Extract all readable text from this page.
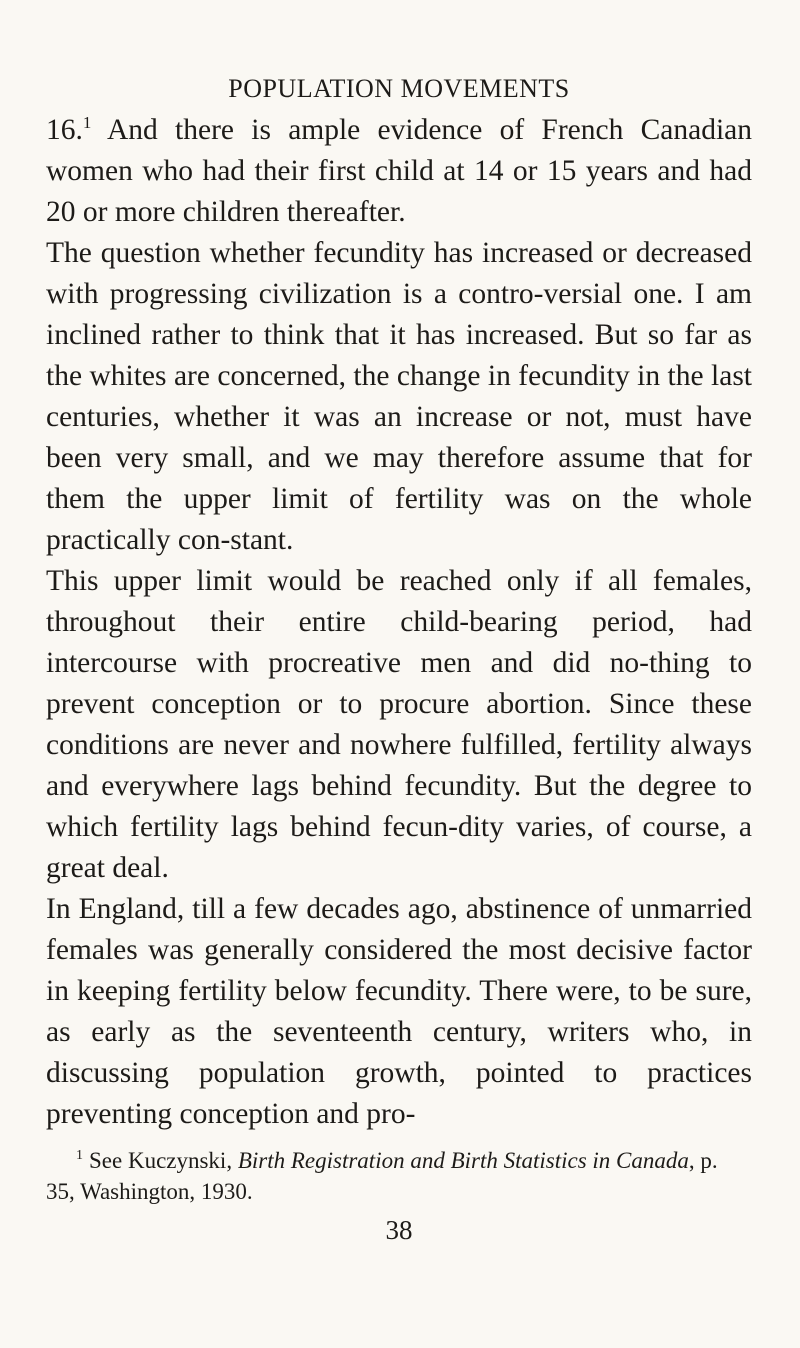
POPULATION MOVEMENTS

16.$^1$ And there is ample evidence of French Canadian women who had their first child at 14 or 15 years and had 20 or more children thereafter.

The question whether fecundity has increased or decreased with progressing civilization is a contro-versial one. I am inclined rather to think that it has increased. But so far as the whites are concerned, the change in fecundity in the last centuries, whether it was an increase or not, must have been very small, and we may therefore assume that for them the upper limit of fertility was on the whole practically con-stant.

This upper limit would be reached only if all females, throughout their entire child-bearing period, had intercourse with procreative men and did no-thing to prevent conception or to procure abortion. Since these conditions are never and nowhere fulfilled, fertility always and everywhere lags behind fecundity. But the degree to which fertility lags behind fecun-dity varies, of course, a great deal.

In England, till a few decades ago, abstinence of unmarried females was generally considered the most decisive factor in keeping fertility below fecundity. There were, to be sure, as early as the seventeenth century, writers who, in discussing population growth, pointed to practices preventing conception and pro-

$^1$ See Kuczynski, Birth Registration and Birth Statistics in Canada, p. 35, Washington, 1930.

38
